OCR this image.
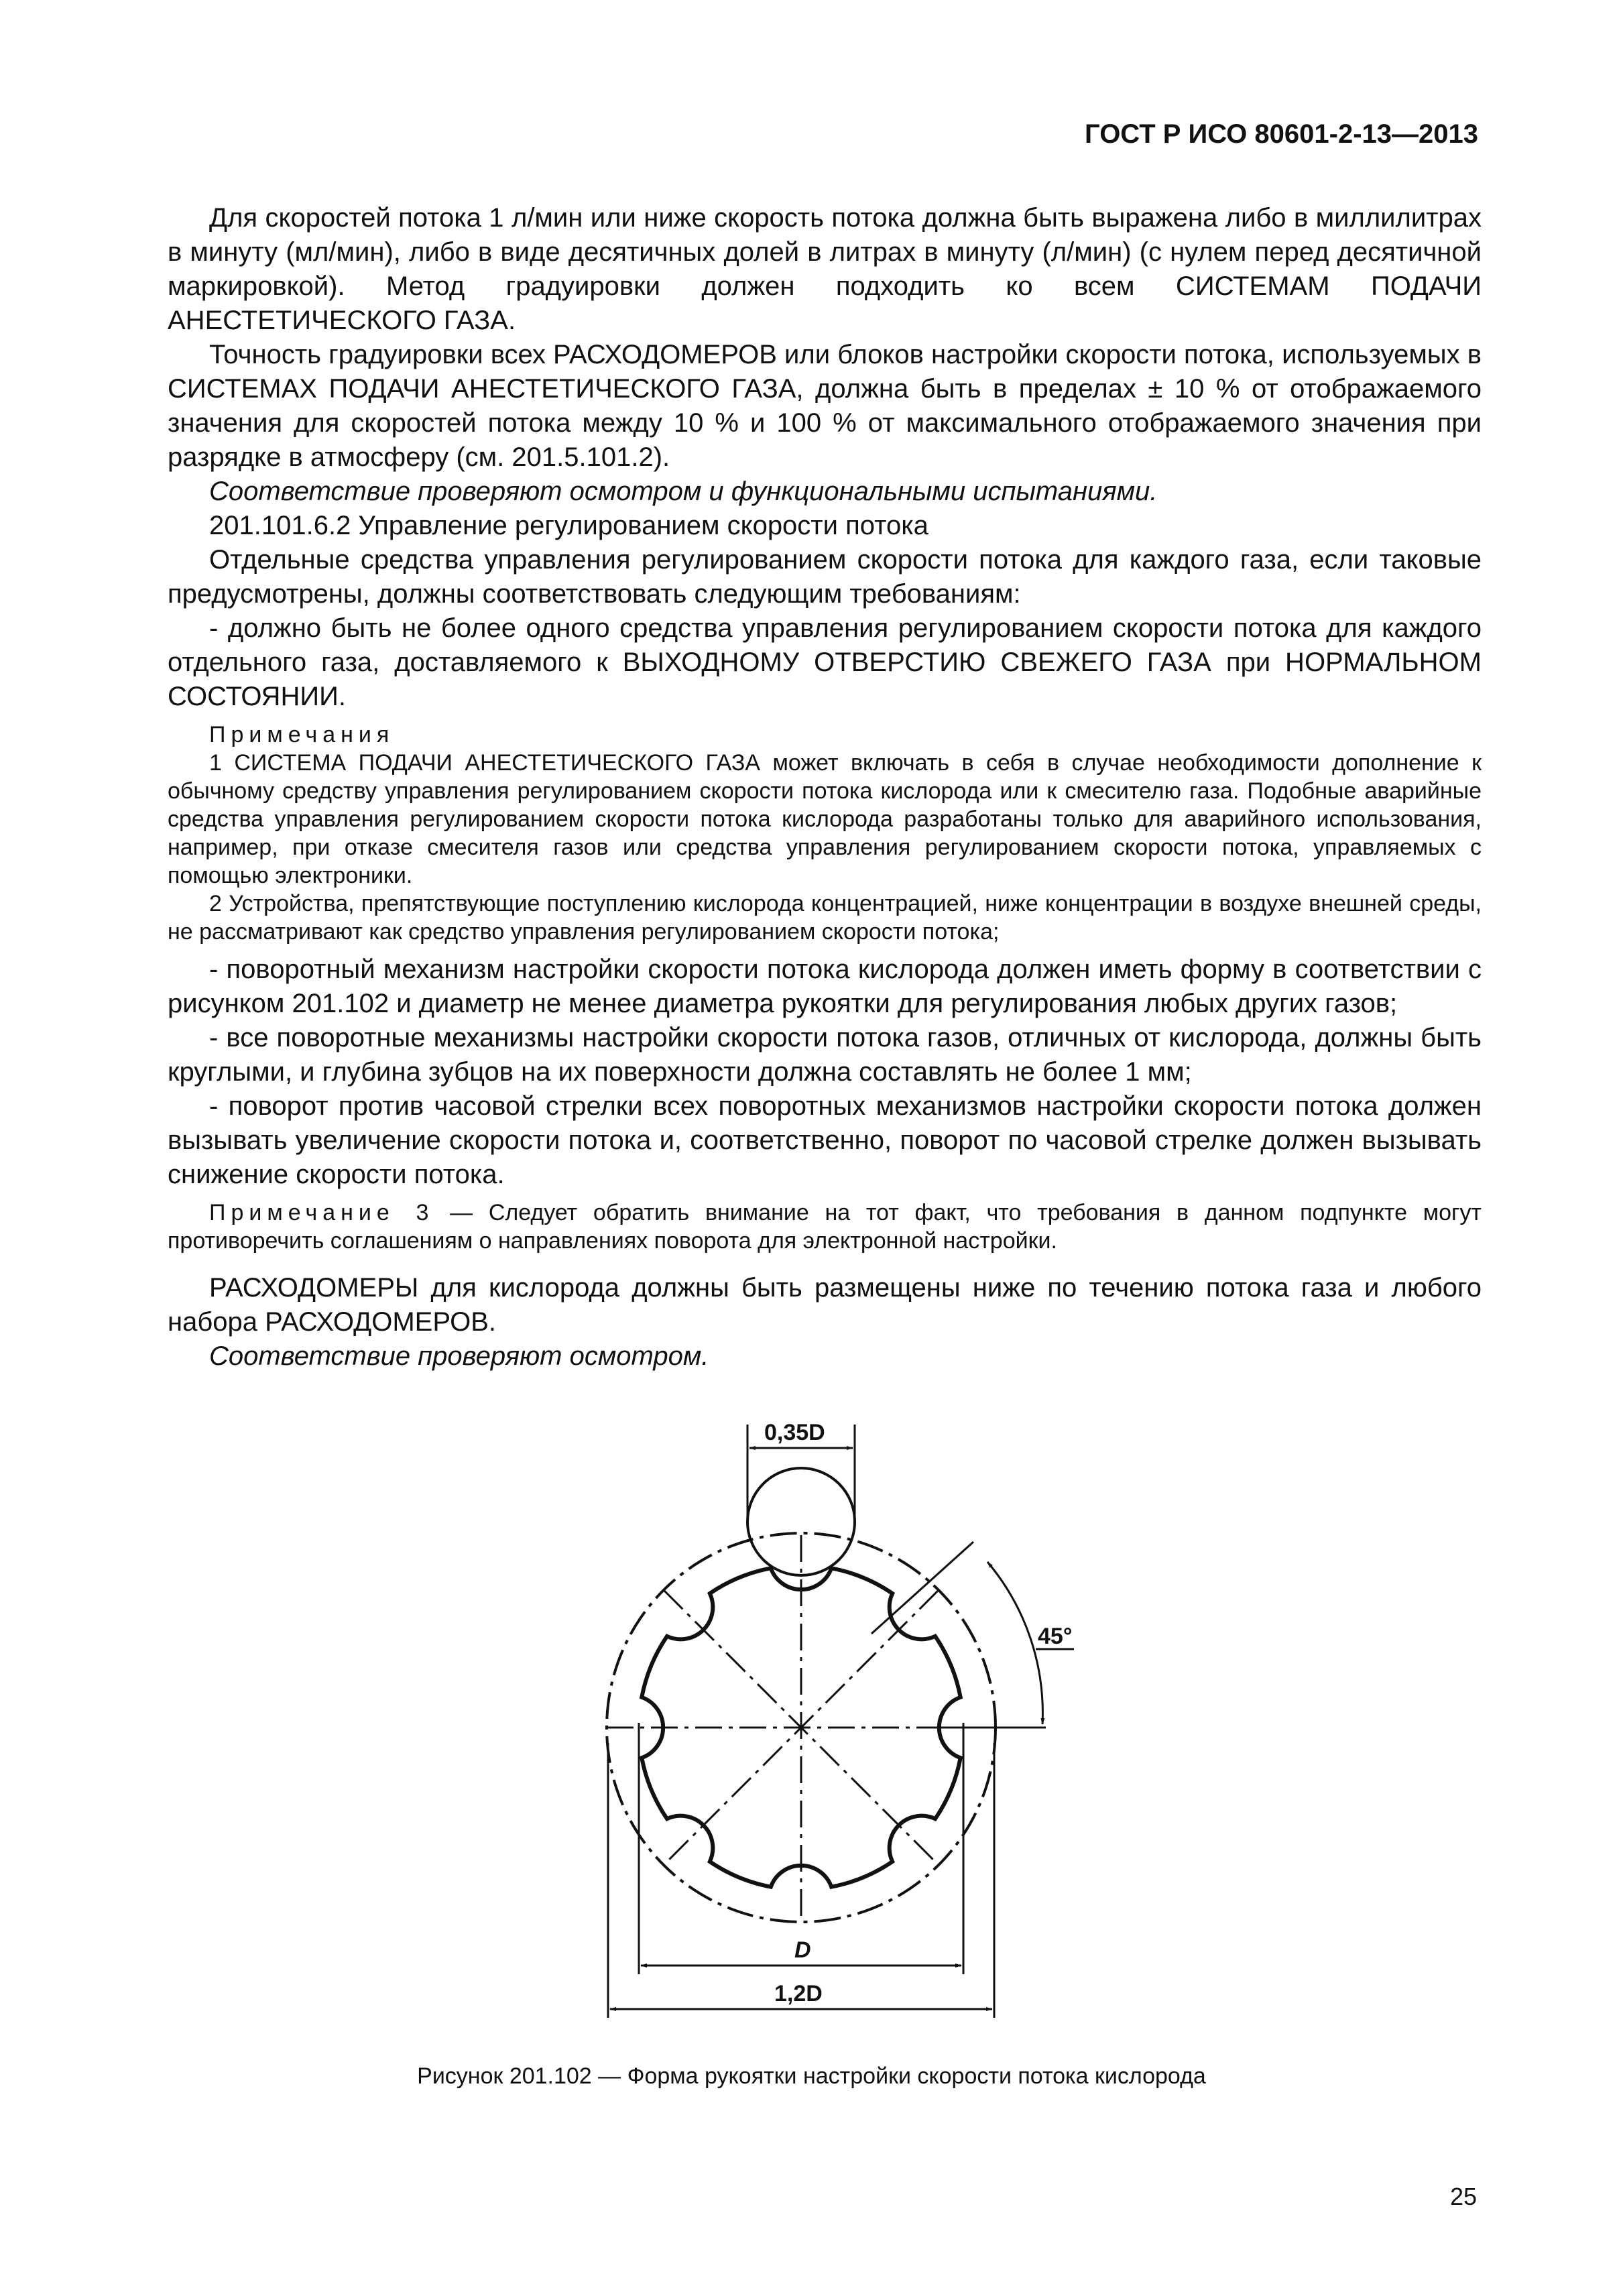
ГОСТ Р ИСО 80601-2-13—2013

Для скоростей потока 1 л/мин или ниже скорость потока должна быть выражена либо в миллилитрах в минуту (мл/мин), либо в виде десятичных долей в литрах в минуту (л/мин) (с нулем перед десятичной маркировкой). Метод градуировки должен подходить ко всем СИСТЕМАМ ПОДАЧИ АНЕСТЕТИЧЕСКОГО ГАЗА.

Точность градуировки всех РАСХОДОМЕРОВ или блоков настройки скорости потока, используемых в СИСТЕМАХ ПОДАЧИ АНЕСТЕТИЧЕСКОГО ГАЗА, должна быть в пределах ± 10 % от отображаемого значения для скоростей потока между 10 % и 100 % от максимального отображаемого значения при разрядке в атмосферу (см. 201.5.101.2).

Соответствие проверяют осмотром и функциональными испытаниями.

201.101.6.2 Управление регулированием скорости потока

Отдельные средства управления регулированием скорости потока для каждого газа, если таковые предусмотрены, должны соответствовать следующим требованиям:

- должно быть не более одного средства управления регулированием скорости потока для каждого отдельного газа, доставляемого к ВЫХОДНОМУ ОТВЕРСТИЮ СВЕЖЕГО ГАЗА при НОРМАЛЬНОМ СОСТОЯНИИ.

Примечания

1 СИСТЕМА ПОДАЧИ АНЕСТЕТИЧЕСКОГО ГАЗА может включать в себя в случае необходимости дополнение к обычному средству управления регулированием скорости потока кислорода или к смесителю газа. Подобные аварийные средства управления регулированием скорости потока кислорода разработаны только для аварийного использования, например, при отказе смесителя газов или средства управления регулированием скорости потока, управляемых с помощью электроники.

2 Устройства, препятствующие поступлению кислорода концентрацией, ниже концентрации в воздухе внешней среды, не рассматривают как средство управления регулированием скорости потока;

- поворотный механизм настройки скорости потока кислорода должен иметь форму в соответствии с рисунком 201.102 и диаметр не менее диаметра рукоятки для регулирования любых других газов;

- все поворотные механизмы настройки скорости потока газов, отличных от кислорода, должны быть круглыми, и глубина зубцов на их поверхности должна составлять не более 1 мм;

- поворот против часовой стрелки всех поворотных механизмов настройки скорости потока должен вызывать увеличение скорости потока и, соответственно, поворот по часовой стрелке должен вызывать снижение скорости потока.

Примечание 3 — Следует обратить внимание на тот факт, что требования в данном подпункте могут противоречить соглашениям о направлениях поворота для электронной настройки.

РАСХОДОМЕРЫ для кислорода должны быть размещены ниже по течению потока газа и любого набора РАСХОДОМЕРОВ.

Соответствие проверяют осмотром.

45°
0,35D
D
1,2D
Рисунок 201.102 — Форма рукоятки настройки скорости потока кислорода
25
